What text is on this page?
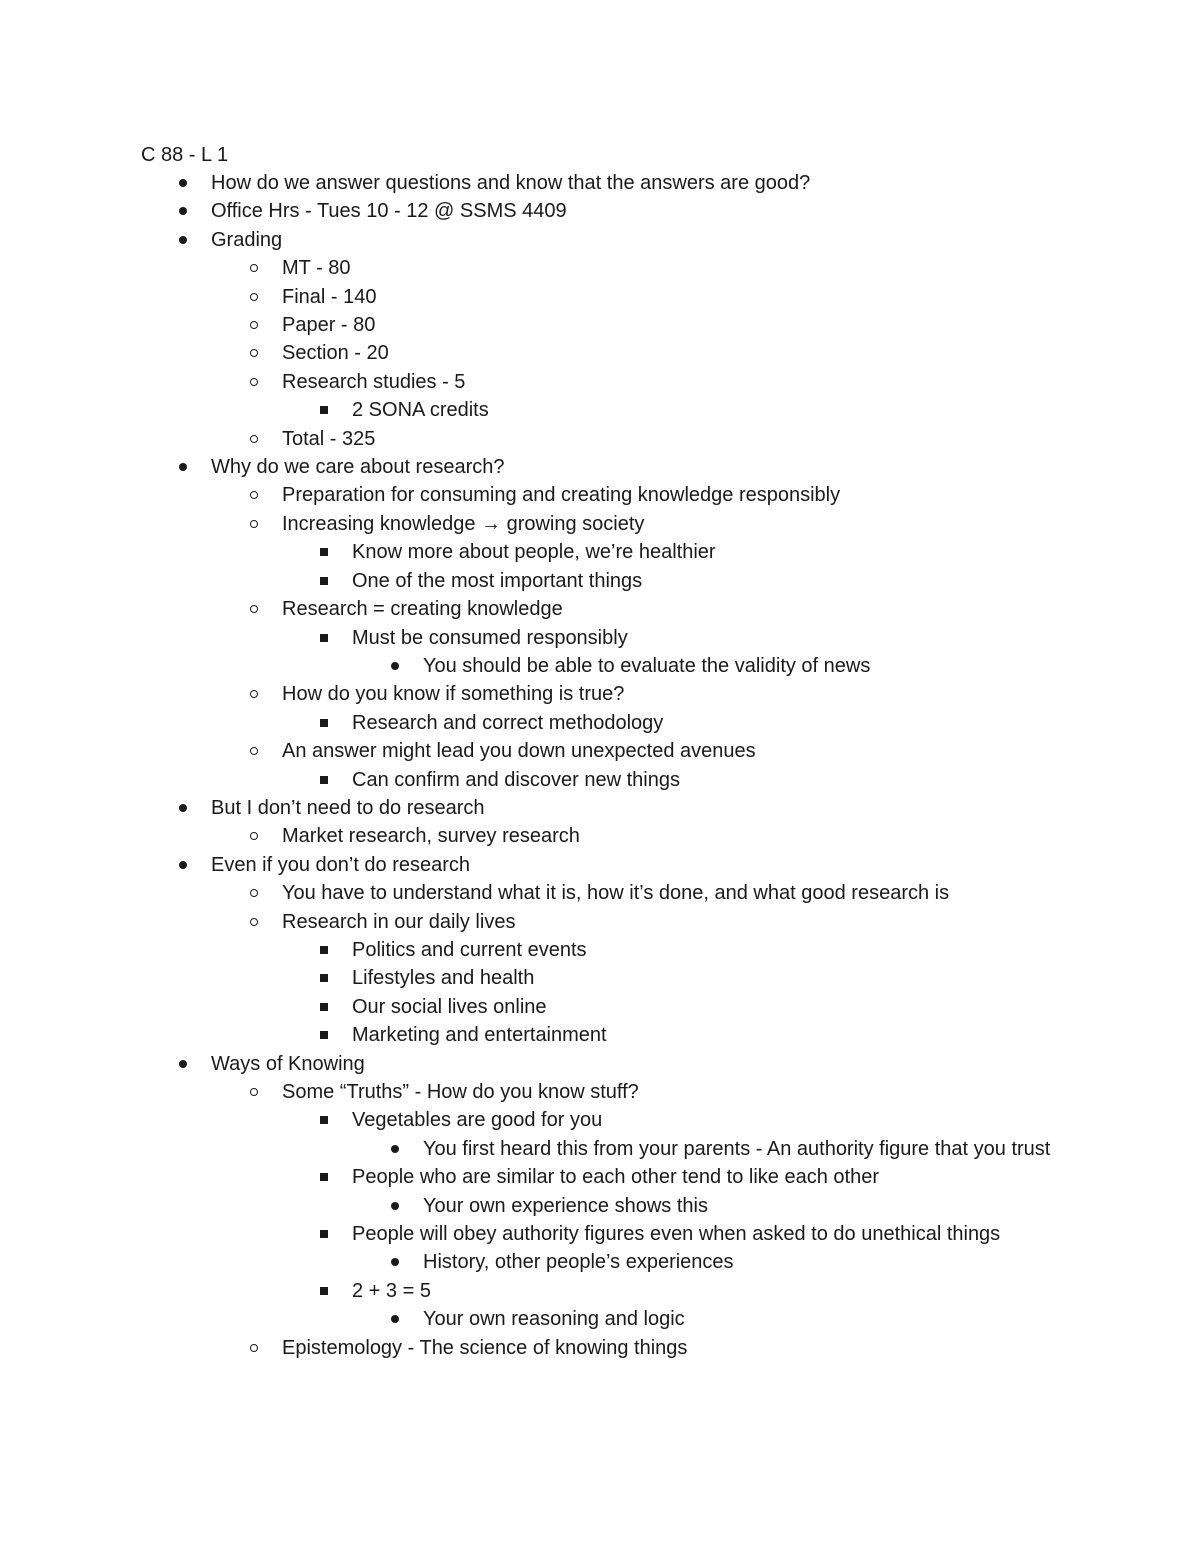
C 88 - L 1
How do we answer questions and know that the answers are good?
Office Hrs - Tues 10 - 12 @ SSMS 4409
Grading
MT - 80
Final - 140
Paper - 80
Section - 20
Research studies - 5
2 SONA credits
Total - 325
Why do we care about research?
Preparation for consuming and creating knowledge responsibly
Increasing knowledge → growing society
Know more about people, we’re healthier
One of the most important things
Research = creating knowledge
Must be consumed responsibly
You should be able to evaluate the validity of news
How do you know if something is true?
Research and correct methodology
An answer might lead you down unexpected avenues
Can confirm and discover new things
But I don’t need to do research
Market research, survey research
Even if you don’t do research
You have to understand what it is, how it’s done, and what good research is
Research in our daily lives
Politics and current events
Lifestyles and health
Our social lives online
Marketing and entertainment
Ways of Knowing
Some “Truths” - How do you know stuff?
Vegetables are good for you
You first heard this from your parents - An authority figure that you trust
People who are similar to each other tend to like each other
Your own experience shows this
People will obey authority figures even when asked to do unethical things
History, other people’s experiences
2 + 3 = 5
Your own reasoning and logic
Epistemology - The science of knowing things
